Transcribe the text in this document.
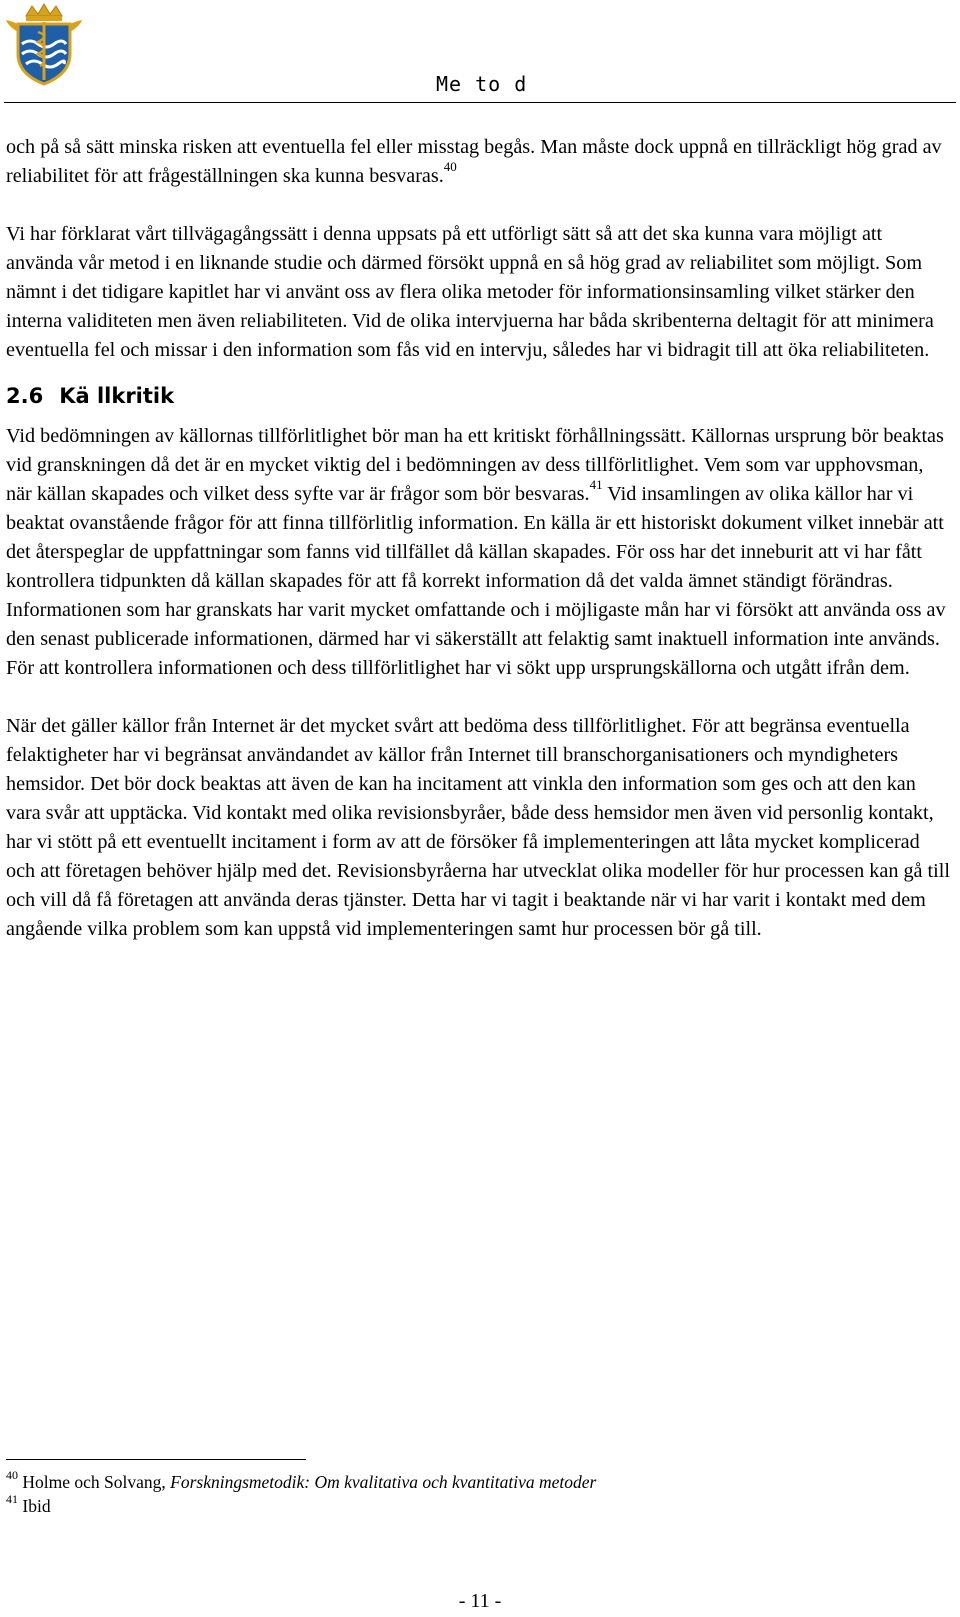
Me to d

och på så sätt minska risken att eventuella fel eller misstag begås. Man måste dock uppnå en tillräckligt hög grad av reliabilitet för att frågeställningen ska kunna besvaras.$^{40}$

Vi har förklarat vårt tillvägagångssätt i denna uppsats på ett utförligt sätt så att det ska kunna vara möjligt att använda vår metod i en liknande studie och därmed försökt uppnå en så hög grad av reliabilitet som möjligt. Som nämnt i det tidigare kapitlet har vi använt oss av flera olika metoder för informationsinsamling vilket stärker den interna validiteten men även reliabiliteten. Vid de olika intervjuerna har båda skribenterna deltagit för att minimera eventuella fel och missar i den information som fås vid en intervju, således har vi bidragit till att öka reliabiliteten.

2.6 Kä llkritik

Vid bedömningen av källornas tillförlitlighet bör man ha ett kritiskt förhållningssätt. Källornas ursprung bör beaktas vid granskningen då det är en mycket viktig del i bedömningen av dess tillförlitlighet. Vem som var upphovsman, när källan skapades och vilket dess syfte var är frågor som bör besvaras.$^{41}$ Vid insamlingen av olika källor har vi beaktat ovanstående frågor för att finna tillförlitlig information. En källa är ett historiskt dokument vilket innebär att det återspeglar de uppfattningar som fanns vid tillfället då källan skapades. För oss har det inneburit att vi har fått kontrollera tidpunkten då källan skapades för att få korrekt information då det valda ämnet ständigt förändras. Informationen som har granskats har varit mycket omfattande och i möjligaste mån har vi försökt att använda oss av den senast publicerade informationen, därmed har vi säkerställt att felaktig samt inaktuell information inte används. För att kontrollera informationen och dess tillförlitlighet har vi sökt upp ursprungskällorna och utgått ifrån dem.

När det gäller källor från Internet är det mycket svårt att bedöma dess tillförlitlighet. För att begränsa eventuella felaktigheter har vi begränsat användandet av källor från Internet till branschorganisationers och myndigheters hemsidor. Det bör dock beaktas att även de kan ha incitament att vinkla den information som ges och att den kan vara svår att upptäcka. Vid kontakt med olika revisionsbyråer, både dess hemsidor men även vid personlig kontakt, har vi stött på ett eventuellt incitament i form av att de försöker få implementeringen att låta mycket komplicerad och att företagen behöver hjälp med det. Revisionsbyråerna har utvecklat olika modeller för hur processen kan gå till och vill då få företagen att använda deras tjänster. Detta har vi tagit i beaktande när vi har varit i kontakt med dem angående vilka problem som kan uppstå vid implementeringen samt hur processen bör gå till.

$^{40}$ Holme och Solvang, Forskningsmetodik: Om kvalitativa och kvantitativa metoder
$^{41}$ Ibid
- 11 -
